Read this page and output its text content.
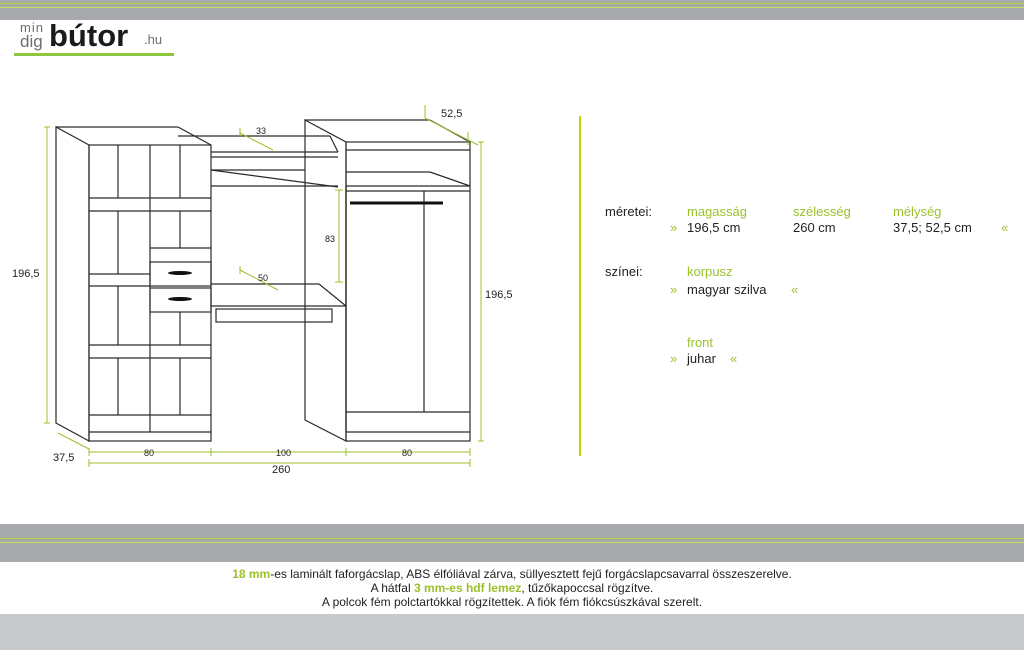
min
dig bútor .hu
196,5
196,5
37,5
52,5
33
50
83
80	100	80
260
méretei:	magasság	szélesség	mélység
» 196,5 cm	260 cm	37,5; 52,5 cm «
színei:	korpusz
» magyar szilva «
front
» juhar «
18 mm-es laminált faforgácslap, ABS élfóliával zárva, süllyesztett fejű forgácslapcsavarral összeszerelve.
A hátfal 3 mm-es hdf lemez, tűzőkapoccsal rögzítve.
A polcok fém polctartókkal rögzítettek. A fiók fém fiókcsúszkával szerelt.
